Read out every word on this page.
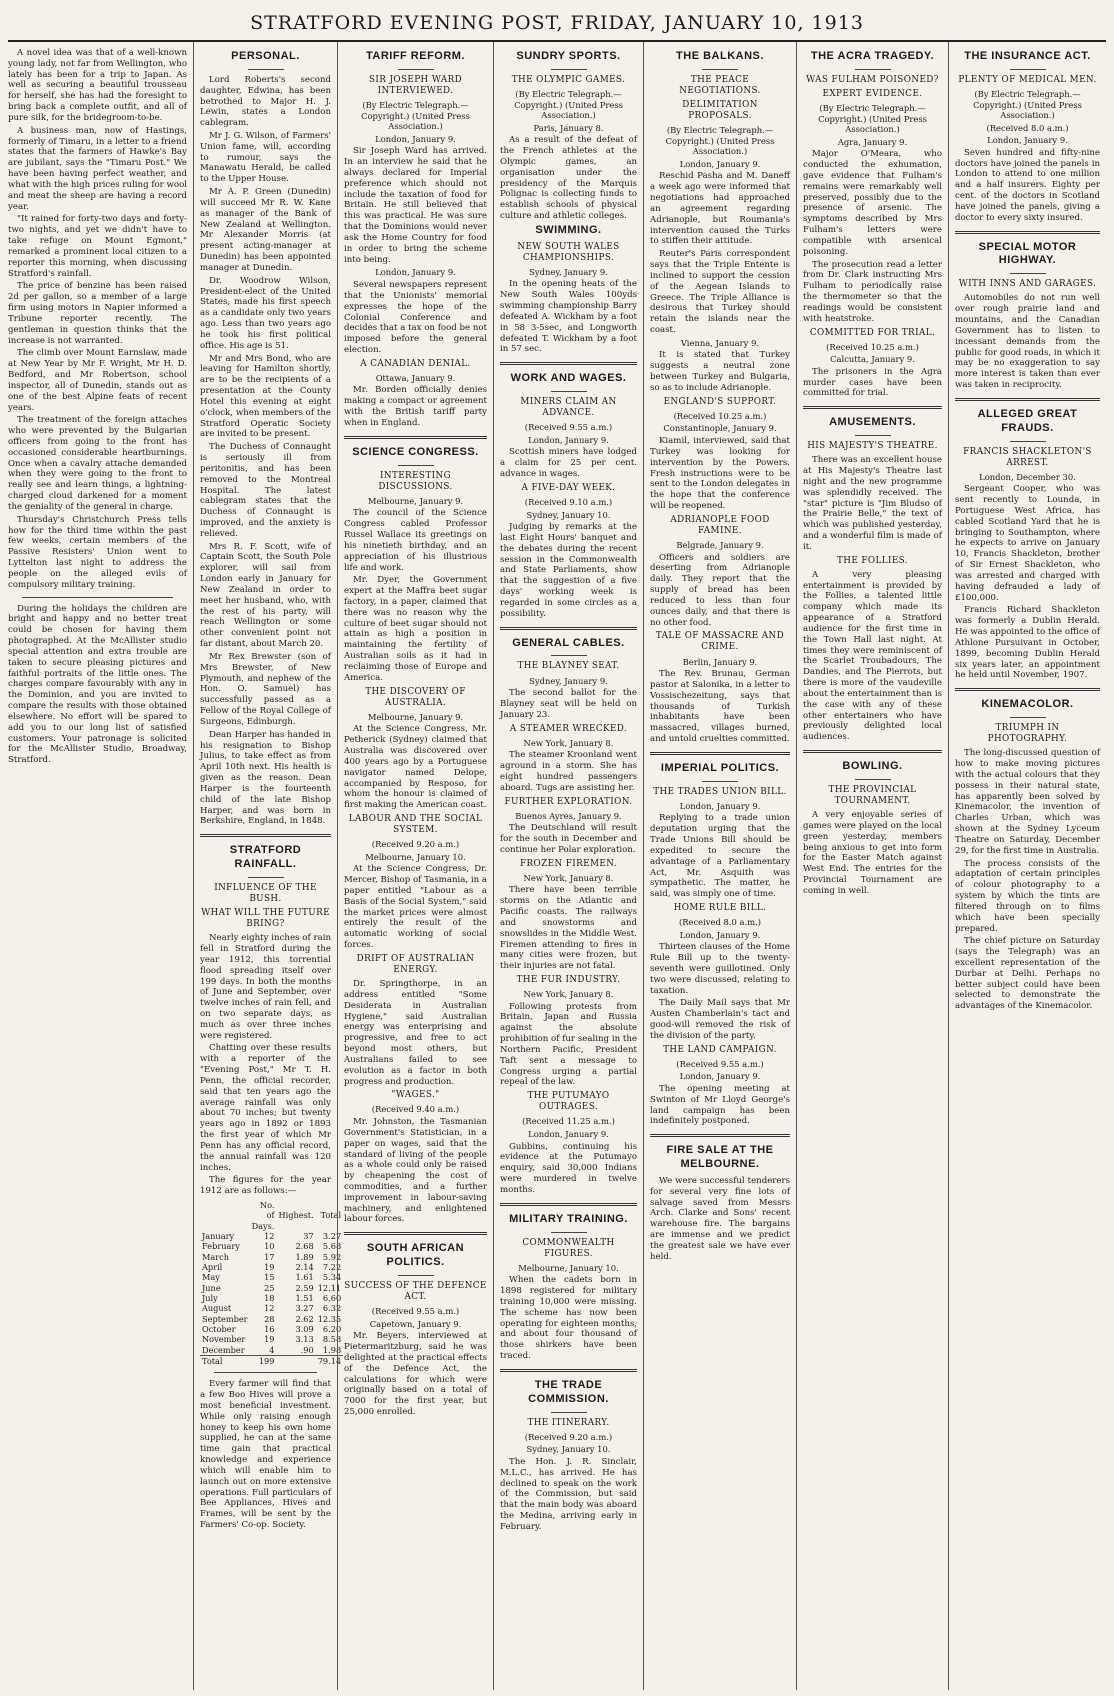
STRATFORD EVENING POST, FRIDAY, JANUARY 10, 1913

A novel idea was that of a well-known young lady, not far from Wellington, who lately has been for a trip to Japan. As well as securing a beautiful trousseau for herself, she has had the foresight to bring back a complete outfit, and all of pure silk, for the bridegroom-to-be.

A business man, now of Hastings, formerly of Timaru, in a letter to a friend states that the farmers of Hawke's Bay are jubilant, says the "Timaru Post." We have been having perfect weather, and what with the high prices ruling for wool and meat the sheep are having a record year.

"It rained for forty-two days and forty-two nights, and yet we didn't have to take refuge on Mount Egmont," remarked a prominent local citizen to a reporter this morning, when discussing Stratford's rainfall.

The price of benzine has been raised 2d per gallon, so a member of a large firm using motors in Napier informed a Tribune reporter recently. The gentleman in question thinks that the increase is not warranted.

The climb over Mount Earnslaw, made at New Year by Mr F. Wright, Mr H. D. Bedford, and Mr Robertson, school inspector, all of Dunedin, stands out as one of the best Alpine feats of recent years.

The treatment of the foreign attaches who were prevented by the Bulgarian officers from going to the front has occasioned considerable heartburnings. Once when a cavalry attache demanded when they were going to the front to really see and learn things, a lightning-charged cloud darkened for a moment the geniality of the general in charge.

Thursday's Christchurch Press tells how for the third time within the past few weeks, certain members of the Passive Resisters' Union went to Lyttelton last night to address the people on the alleged evils of compulsory military training.

During the holidays the children are bright and happy and no better treat could be chosen for having them photographed. At the McAllister studio special attention and extra trouble are taken to secure pleasing pictures and faithful portraits of the little ones. The charges compare favourably with any in the Dominion, and you are invited to compare the results with those obtained elsewhere. No effort will be spared to add you to our long list of satisfied customers. Your patronage is solicited for the McAllister Studio, Broadway, Stratford.

PERSONAL.

Lord Roberts's second daughter, Edwina, has been betrothed to Major H. J. Lewin, states a London cablegram.

Mr J. G. Wilson, of Farmers' Union fame, will, according to rumour, says the Manawatu Herald, be called to the Upper House.

Mr A. P. Green (Dunedin) will succeed Mr R. W. Kane as manager of the Bank of New Zealand at Wellington. Mr Alexander Morris (at present acting-manager at Dunedin) has been appointed manager at Dunedin.

Dr. Woodrow Wilson, President-elect of the United States, made his first speech as a candidate only two years ago. Less than two years ago he took his first political office. His age is 51.

Mr and Mrs Bond, who are leaving for Hamilton shortly, are to be the recipients of a presentation at the County Hotel this evening at eight o'clock, when members of the Stratford Operatic Society are invited to be present.

The Duchess of Connaught is seriously ill from peritonitis, and has been removed to the Montreal Hospital. The latest cablegram states that the Duchess of Connaught is improved, and the anxiety is relieved.

Mrs R. F. Scott, wife of Captain Scott, the South Pole explorer, will sail from London early in January for New Zealand in order to meet her husband, who, with the rest of his party, will reach Wellington or some other convenient point not far distant, about March 20.

Mr Rex Brewster (son of Mrs Brewster, of New Plymouth, and nephew of the Hon. O. Samuel) has successfully passed as a Fellow of the Royal College of Surgeons, Edinburgh.

Dean Harper has handed in his resignation to Bishop Julius, to take effect as from April 10th next. His health is given as the reason. Dean Harper is the fourteenth child of the late Bishop Harper, and was born in Berkshire, England, in 1848.

STRATFORD RAINFALL.
INFLUENCE OF THE BUSH.
WHAT WILL THE FUTURE BRING?

Nearly eighty inches of rain fell in Stratford during the year 1912, this torrential flood spreading itself over 199 days. In both the months of June and September, over twelve inches of rain fell, and on two separate days, as much as over three inches were registered.

Chatting over these results with a reporter of the "Evening Post," Mr T. H. Penn, the official recorder, said that ten years ago the average rainfall was only about 70 inches; but twenty years ago in 1892 or 1893 the first year of which Mr Penn has any official record, the annual rainfall was 120 inches.

The figures for the year 1912 are as follows:—

	No. of Days.	Highest.	Total
January	12	37	3.27
February	10	2.68	5.68
March	17	1.89	5.92
April	19	2.14	7.22
May	15	1.61	5.34
June	25	2.59	12.11
July	18	1.51	6.60
August	12	3.27	6.32
September	28	2.62	12.35
October	16	3.09	6.20
November	19	3.13	8.58
December	4	.90	1.98
Total	199		79.14

Every farmer will find that a few Boo Hives will prove a most beneficial investment. While only raising enough honey to keep his own home supplied, he can at the same time gain that practical knowledge and experience which will enable him to launch out on more extensive operations. Full particulars of Bee Appliances, Hives and Frames, will be sent by the Farmers' Co-op. Society.

TARIFF REFORM.
SIR JOSEPH WARD INTERVIEWED.
(By Electric Telegraph.—Copyright.) (United Press Association.)
London, January 9.

Sir Joseph Ward has arrived. In an interview he said that he always declared for Imperial preference which should not include the taxation of food for Britain. He still believed that this was practical. He was sure that the Dominions would never ask the Home Country for food in order to bring the scheme into being.

London, January 9.

Several newspapers represent that the Unionists' memorial expresses the hope of the Colonial Conference and decides that a tax on food be not imposed before the general election.

A CANADIAN DENIAL.
Ottawa, January 9.

Mr. Borden officially denies making a compact or agreement with the British tariff party when in England.

SCIENCE CONGRESS.
INTERESTING DISCUSSIONS.
Melbourne, January 9.

The council of the Science Congress cabled Professor Russel Wallace its greetings on his ninetieth birthday, and an appreciation of his illustrious life and work.

Mr. Dyer, the Government expert at the Maffra beet sugar factory, in a paper, claimed that there was no reason why the culture of beet sugar should not attain as high a position in maintaining the fertility of Australian soils as it had in reclaiming those of Europe and America.

THE DISCOVERY OF AUSTRALIA.
Melbourne, January 9.

At the Science Congress, Mr. Petherick (Sydney) claimed that Australia was discovered over 400 years ago by a Portuguese navigator named Delope, accompanied by Resposo, for whom the honour is claimed of first making the American coast.

LABOUR AND THE SOCIAL SYSTEM.
(Received 9.20 a.m.)
Melbourne, January 10.

At the Science Congress, Dr. Mercer, Bishop of Tasmania, in a paper entitled "Labour as a Basis of the Social System," said the market prices were almost entirely the result of the automatic working of social forces.

DRIFT OF AUSTRALIAN ENERGY.

Dr. Springthorpe, in an address entitled "Some Desiderata in Australian Hygiene," said Australian energy was enterprising and progressive, and free to act beyond most others, but Australians failed to see evolution as a factor in both progress and production.

"WAGES."
(Received 9.40 a.m.)

Mr. Johnston, the Tasmanian Government's Statistician, in a paper on wages, said that the standard of living of the people as a whole could only be raised by cheapening the cost of commodities, and a further improvement in labour-saving machinery, and enlightened labour forces.

SOUTH AFRICAN POLITICS.
SUCCESS OF THE DEFENCE ACT.
(Received 9.55 a.m.)
Capetown, January 9.

Mr. Beyers, interviewed at Pietermaritzburg, said he was delighted at the practical effects of the Defence Act, the calculations for which were originally based on a total of 7000 for the first year, but 25,000 enrolled.

SUNDRY SPORTS.
THE OLYMPIC GAMES.
(By Electric Telegraph.—Copyright.) (United Press Association.)
Paris, January 8.

As a result of the defeat of the French athletes at the Olympic games, an organisation under the presidency of the Marquis Polignac is collecting funds to establish schools of physical culture and athletic colleges.

SWIMMING.
NEW SOUTH WALES CHAMPIONSHIPS.
Sydney, January 9.

In the opening heats of the New South Wales 100yds swimming championship Barry defeated A. Wickham by a foot in 58 3-5sec, and Longworth defeated T. Wickham by a foot in 57 sec.

WORK AND WAGES.
MINERS CLAIM AN ADVANCE.
(Received 9.55 a.m.)
London, January 9.

Scottish miners have lodged a claim for 25 per cent. advance in wages.

A FIVE-DAY WEEK.
(Received 9.10 a.m.)
Sydney, January 10.

Judging by remarks at the last Eight Hours' banquet and the debates during the recent session in the Commonwealth and State Parliaments, show that the suggestion of a five days' working week is regarded in some circles as a possibility.

GENERAL CABLES.
THE BLAYNEY SEAT.
Sydney, January 9.

The second ballot for the Blayney seat will be held on January 23.

A STEAMER WRECKED.
New York, January 8.

The steamer Kroonland went aground in a storm. She has eight hundred passengers aboard. Tugs are assisting her.

FURTHER EXPLORATION.
Buenos Ayres, January 9.

The Deutschland will result for the south in December and continue her Polar exploration.

FROZEN FIREMEN.
New York, January 8.

There have been terrible storms on the Atlantic and Pacific coasts. The railways and snowstorms and snowslides in the Middle West. Firemen attending to fires in many cities were frozen, but their injuries are not fatal.

THE FUR INDUSTRY.
New York, January 8.

Following protests from Britain, Japan and Russia against the absolute prohibition of fur sealing in the Northern Pacific, President Taft sent a message to Congress urging a partial repeal of the law.

THE PUTUMAYO OUTRAGES.
(Received 11.25 a.m.)
London, January 9.

Gubbins, continuing his evidence at the Putumayo enquiry, said 30,000 Indians were murdered in twelve months.

MILITARY TRAINING.
COMMONWEALTH FIGURES.
Melbourne, January 10.

When the cadets born in 1898 registered for military training 10,000 were missing. The scheme has now been operating for eighteen months, and about four thousand of those shirkers have been traced.

THE TRADE COMMISSION.
THE ITINERARY.
(Received 9.20 a.m.)
Sydney, January 10.

The Hon. J. R. Sinclair, M.L.C., has arrived. He has declined to speak on the work of the Commission, but said that the main body was aboard the Medina, arriving early in February.

THE BALKANS.
THE PEACE NEGOTIATIONS.
DELIMITATION PROPOSALS.
(By Electric Telegraph.—Copyright.) (United Press Association.)
London, January 9.

Reschid Pasha and M. Daneff a week ago were informed that negotiations had approached an agreement regarding Adrianople, but Roumania's intervention caused the Turks to stiffen their attitude.

Reuter's Paris correspondent says that the Triple Entente is inclined to support the cession of the Aegean Islands to Greece. The Triple Alliance is desirous that Turkey should retain the islands near the coast.

Vienna, January 9.

It is stated that Turkey suggests a neutral zone between Turkey and Bulgaria, so as to include Adrianople.

ENGLAND'S SUPPORT.
(Received 10.25 a.m.)
Constantinople, January 9.

Kiamil, interviewed, said that Turkey was looking for intervention by the Powers. Fresh instructions were to be sent to the London delegates in the hope that the conference will be reopened.

ADRIANOPLE FOOD FAMINE.
Belgrade, January 9.

Officers and soldiers are deserting from Adrianople daily. They report that the supply of bread has been reduced to less than four ounces daily, and that there is no other food.

TALE OF MASSACRE AND CRIME.
Berlin, January 9.

The Rev. Brunau, German pastor at Salonika, in a letter to Vossischezeitung, says that thousands of Turkish inhabitants have been massacred, villages burned, and untold cruelties committed.

IMPERIAL POLITICS.
THE TRADES UNION BILL.
London, January 9.

Replying to a trade union deputation urging that the Trade Unions Bill should be expedited to secure the advantage of a Parliamentary Act, Mr. Asquith was sympathetic. The matter, he said, was simply one of time.

HOME RULE BILL.
(Received 8.0 a.m.)
London, January 9.

Thirteen clauses of the Home Rule Bill up to the twenty-seventh were guillotined. Only two were discussed, relating to taxation.

The Daily Mail says that Mr Austen Chamberlain's tact and good-will removed the risk of the division of the party.

THE LAND CAMPAIGN.
(Received 9.55 a.m.)
London, January 9.

The opening meeting at Swinton of Mr Lloyd George's land campaign has been indefinitely postponed.

FIRE SALE AT THE MELBOURNE.

We were successful tenderers for several very fine lots of salvage saved from Messrs Arch. Clarke and Sons' recent warehouse fire. The bargains are immense and we predict the greatest sale we have ever held.

THE ACRA TRAGEDY.
WAS FULHAM POISONED?
EXPERT EVIDENCE.
(By Electric Telegraph.—Copyright.) (United Press Association.)
Agra, January 9.

Major O'Meara, who conducted the exhumation, gave evidence that Fulham's remains were remarkably well preserved, possibly due to the presence of arsenic. The symptoms described by Mrs Fulham's letters were compatible with arsenical poisoning.

The prosecution read a letter from Dr. Clark instructing Mrs Fulham to periodically raise the thermometer so that the readings would be consistent with heatstroke.

COMMITTED FOR TRIAL.
(Received 10.25 a.m.)
Calcutta, January 9.

The prisoners in the Agra murder cases have been committed for trial.

AMUSEMENTS.
HIS MAJESTY'S THEATRE.

There was an excellent house at His Majesty's Theatre last night and the new programme was splendidly received. The "star" picture is "Jim Bludso of the Prairie Belle," the text of which was published yesterday, and a wonderful film is made of it.

THE FOLLIES.

A very pleasing entertainment is provided by the Follies, a talented little company which made its appearance of a Stratford audience for the first time in the Town Hall last night. At times they were reminiscent of the Scarlet Troubadours, The Dandies, and The Pierrots, but there is more of the vaudeville about the entertainment than is the case with any of these other entertainers who have previously delighted local audiences.

BOWLING.
THE PROVINCIAL TOURNAMENT.

A very enjoyable series of games were played on the local green yesterday, members being anxious to get into form for the Easter Match against West End. The entries for the Provincial Tournament are coming in well.

THE INSURANCE ACT.
PLENTY OF MEDICAL MEN.
(By Electric Telegraph.—Copyright.) (United Press Association.)
(Received 8.0 a.m.)
London, January 9.

Seven hundred and fifty-nine doctors have joined the panels in London to attend to one million and a half insurers. Eighty per cent. of the doctors in Scotland have joined the panels, giving a doctor to every sixty insured.

SPECIAL MOTOR HIGHWAY.
WITH INNS AND GARAGES.

Automobiles do not run well over rough prairie land and mountains, and the Canadian Government has to listen to incessant demands from the public for good roads, in which it may be no exaggeration to say more interest is taken than ever was taken in reciprocity.

ALLEGED GREAT FRAUDS.
FRANCIS SHACKLETON'S ARREST.
London, December 30.

Sergeant Cooper, who was sent recently to Lounda, in Portuguese West Africa, has cabled Scotland Yard that he is bringing to Southampton, where he expects to arrive on January 10, Francis Shackleton, brother of Sir Ernest Shackleton, who was arrested and charged with having defrauded a lady of £100,000.

Francis Richard Shackleton was formerly a Dublin Herald. He was appointed to the office of Athlone Pursuivant in October, 1899, becoming Dublin Herald six years later, an appointment he held until November, 1907.

KINEMACOLOR.
TRIUMPH IN PHOTOGRAPHY.

The long-discussed question of how to make moving pictures with the actual colours that they possess in their natural state, has apparently been solved by Kinemacolor, the invention of Charles Urban, which was shown at the Sydney Lyceum Theatre on Saturday, December 29, for the first time in Australia.

The process consists of the adaptation of certain principles of colour photography to a system by which the tints are filtered through on to films which have been specially prepared.

The chief picture on Saturday (says the Telegraph) was an excellent representation of the Durbar at Delhi. Perhaps no better subject could have been selected to demonstrate the advantages of the Kinemacolor.
